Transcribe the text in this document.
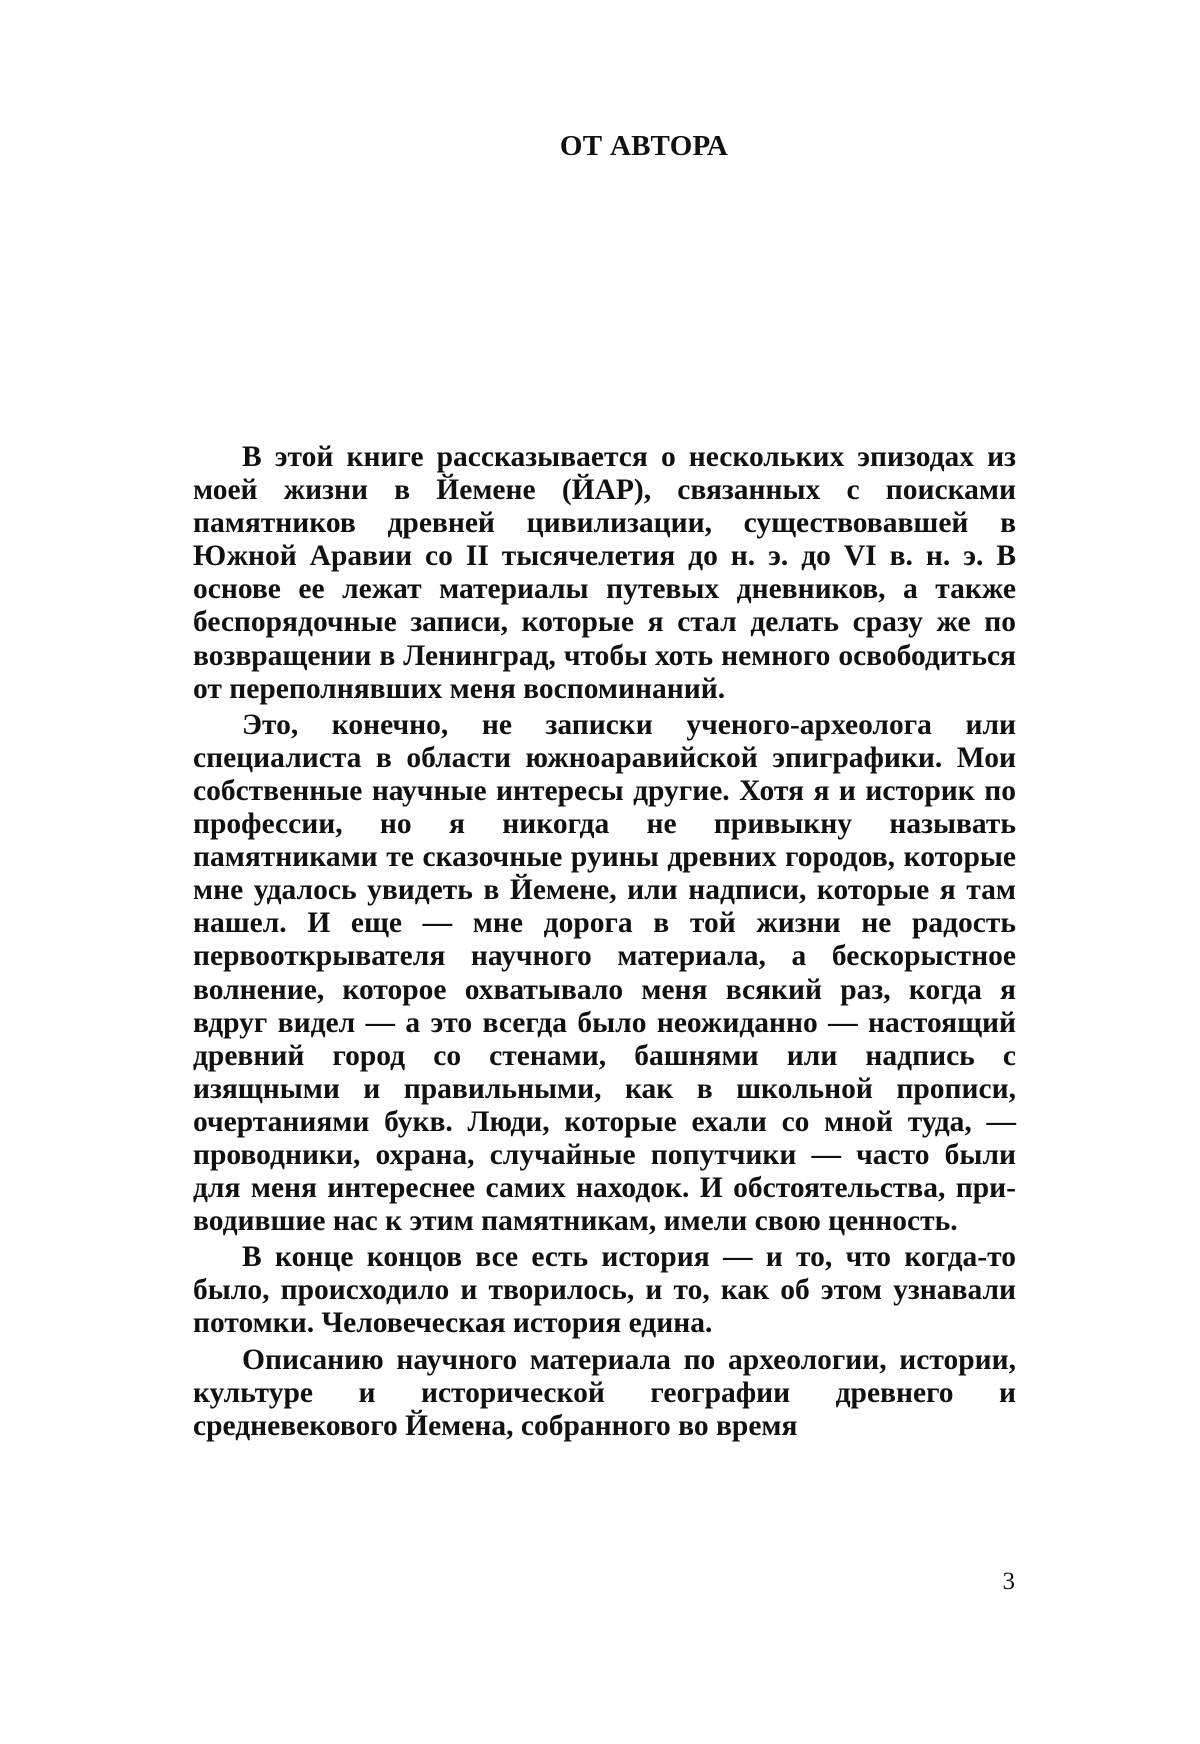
ОТ АВТОРА

В этой книге рассказывается о нескольких эпизодах из моей жизни в Йемене (ЙАР), связанных с поисками памятников древней цивилизации, существовавшей в Южной Аравии со II тысячелетия до н. э. до VI в. н. э. В основе ее лежат материалы путевых дневников, а также беспорядочные записи, которые я стал делать сразу же по возвращении в Ленинград, чтобы хоть немного освободиться от переполнявших меня воспоминаний.

Это, конечно, не записки ученого-археолога или специалиста в области южноаравийской эпиграфики. Мои собственные научные интересы другие. Хотя я и историк по профессии, но я никогда не привыкну называть памятниками те сказочные руины древних городов, которые мне удалось увидеть в Йемене, или надписи, которые я там нашел. И еще — мне дорога в той жизни не радость первооткрывателя научного материала, а бескорыстное волнение, которое охватывало меня всякий раз, когда я вдруг видел — а это всегда было неожиданно — настоящий древний город со стенами, башнями или надпись с изящными и правильными, как в школьной прописи, очертаниями букв. Люди, которые ехали со мной туда, — проводники, охрана, случайные попутчики — часто были для меня интереснее самих находок. И обстоятельства, приводившие нас к этим памятникам, имели свою ценность.

В конце концов все есть история — и то, что когда-то было, происходило и творилось, и то, как об этом узнавали потомки. Человеческая история едина.

Описанию научного материала по археологии, истории, культуре и исторической географии древнего и средневекового Йемена, собранного во время

3
